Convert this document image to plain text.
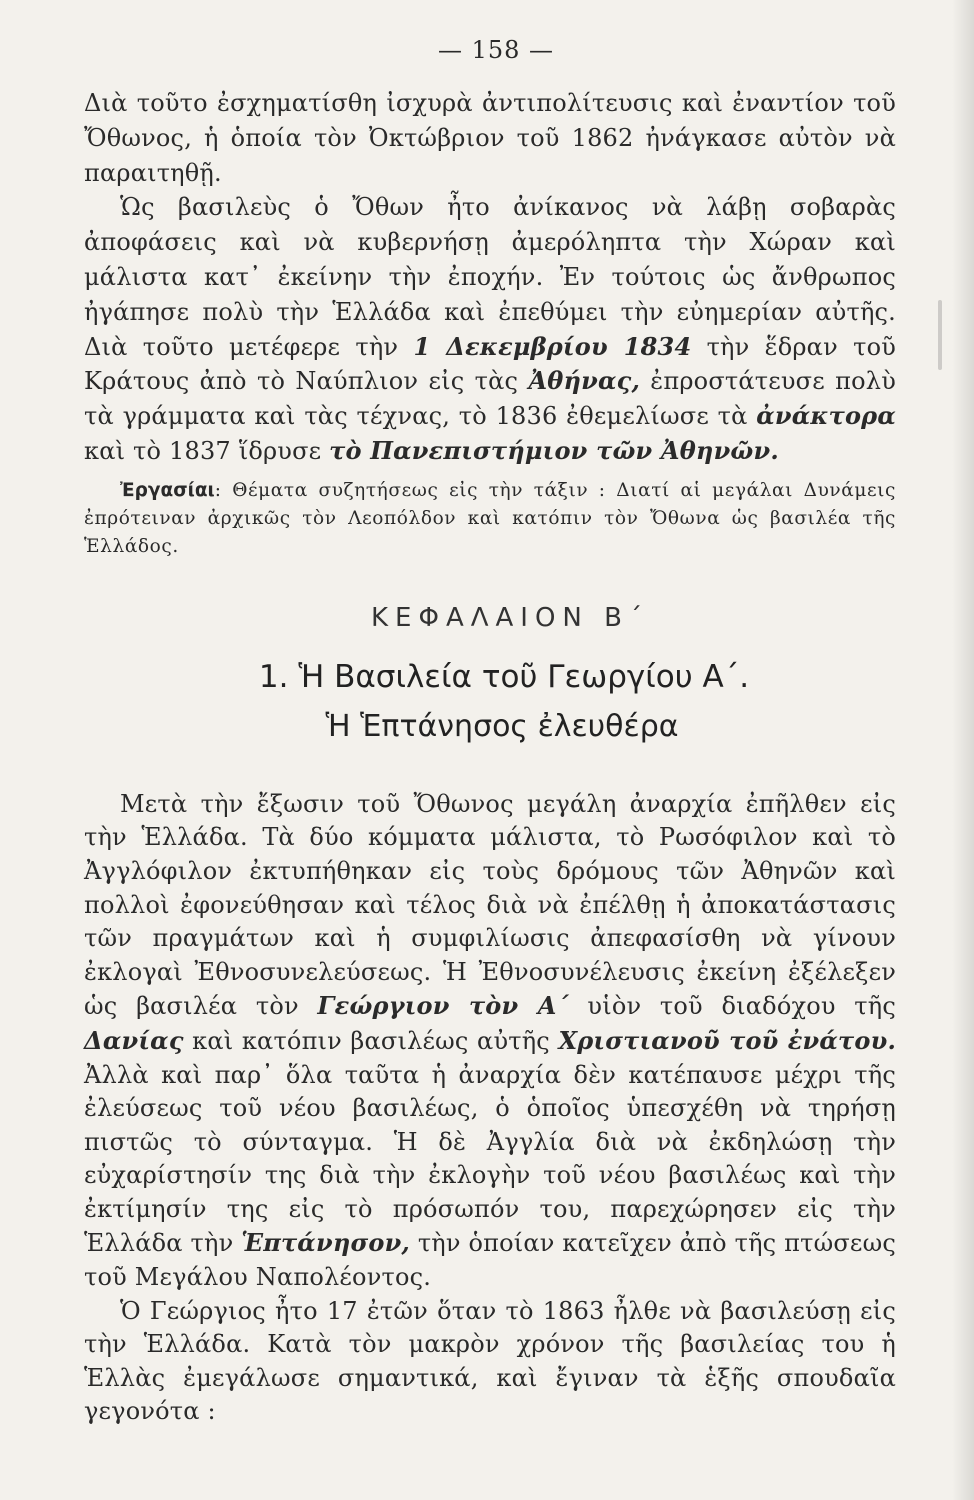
— 158 —

Διὰ τοῦτο ἐσχηματίσθη ἰσχυρὰ ἀντιπολίτευσις καὶ ἐναντίον τοῦ Ὄθωνος, ἡ ὁποία τὸν Ὀκτώβριον τοῦ 1862 ἠνάγκασε αὐτὸν νὰ παραιτηθῇ.

Ὡς βασιλεὺς ὁ Ὄθων ἦτο ἀνίκανος νὰ λάβῃ σοβαρὰς ἀποφάσεις καὶ νὰ κυβερνήσῃ ἀμερόληπτα τὴν Χώραν καὶ μάλιστα κατ᾽ ἐκείνην τὴν ἐποχήν. Ἐν τούτοις ὡς ἄνθρωπος ἠγάπησε πολὺ τὴν Ἑλλάδα καὶ ἐπεθύμει τὴν εὐημερίαν αὐτῆς. Διὰ τοῦτο μετέφερε τὴν 1 Δεκεμβρίου 1834 τὴν ἕδραν τοῦ Κράτους ἀπὸ τὸ Ναύπλιον εἰς τὰς Ἀθήνας, ἐπροστάτευσε πολὺ τὰ γράμματα καὶ τὰς τέχνας, τὸ 1836 ἐθεμελίωσε τὰ ἀνάκτορα καὶ τὸ 1837 ἵδρυσε τὸ Πανεπιστήμιον τῶν Ἀθηνῶν.

Ἐργασίαι: Θέματα συζητήσεως εἰς τὴν τάξιν : Διατί αἱ μεγάλαι Δυνάμεις ἐπρότειναν ἀρχικῶς τὸν Λεοπόλδον καὶ κατόπιν τὸν Ὄθωνα ὡς βασιλέα τῆς Ἑλλάδος.
ΚΕΦΑΛΑΙΟΝ Β΄
1. Ἡ Βασιλεία τοῦ Γεωργίου Α΄.
Ἡ Ἑπτάνησος ἐλευθέρα

Μετὰ τὴν ἔξωσιν τοῦ Ὄθωνος μεγάλη ἀναρχία ἐπῆλθεν εἰς τὴν Ἑλλάδα. Τὰ δύο κόμματα μάλιστα, τὸ Ρωσόφιλον καὶ τὸ Ἀγγλόφιλον ἐκτυπήθηκαν εἰς τοὺς δρόμους τῶν Ἀθηνῶν καὶ πολλοὶ ἐφονεύθησαν καὶ τέλος διὰ νὰ ἐπέλθῃ ἡ ἀποκατάστασις τῶν πραγμάτων καὶ ἡ συμφιλίωσις ἀπεφασίσθη νὰ γίνουν ἐκλογαὶ Ἐθνοσυνελεύσεως. Ἡ Ἐθνοσυνέλευσις ἐκείνη ἐξέλεξεν ὡς βασιλέα τὸν Γεώργιον τὸν Α΄ υἱὸν τοῦ διαδόχου τῆς Δανίας καὶ κατόπιν βασιλέως αὐτῆς Χριστιανοῦ τοῦ ἐνάτου. Ἀλλὰ καὶ παρ᾽ ὅλα ταῦτα ἡ ἀναρχία δὲν κατέπαυσε μέχρι τῆς ἐλεύσεως τοῦ νέου βασιλέως, ὁ ὁποῖος ὑπεσχέθη νὰ τηρήσῃ πιστῶς τὸ σύνταγμα. Ἡ δὲ Ἀγγλία διὰ νὰ ἐκδηλώσῃ τὴν εὐχαρίστησίν της διὰ τὴν ἐκλογὴν τοῦ νέου βασιλέως καὶ τὴν ἐκτίμησίν της εἰς τὸ πρόσωπόν του, παρεχώρησεν εἰς τὴν Ἑλλάδα τὴν Ἑπτάνησον, τὴν ὁποίαν κατεῖχεν ἀπὸ τῆς πτώσεως τοῦ Μεγάλου Ναπολέοντος.

Ὁ Γεώργιος ἦτο 17 ἐτῶν ὅταν τὸ 1863 ἦλθε νὰ βασιλεύσῃ εἰς τὴν Ἑλλάδα. Κατὰ τὸν μακρὸν χρόνον τῆς βασιλείας του ἡ Ἑλλὰς ἐμεγάλωσε σημαντικά, καὶ ἔγιναν τὰ ἑξῆς σπουδαῖα γεγονότα :
